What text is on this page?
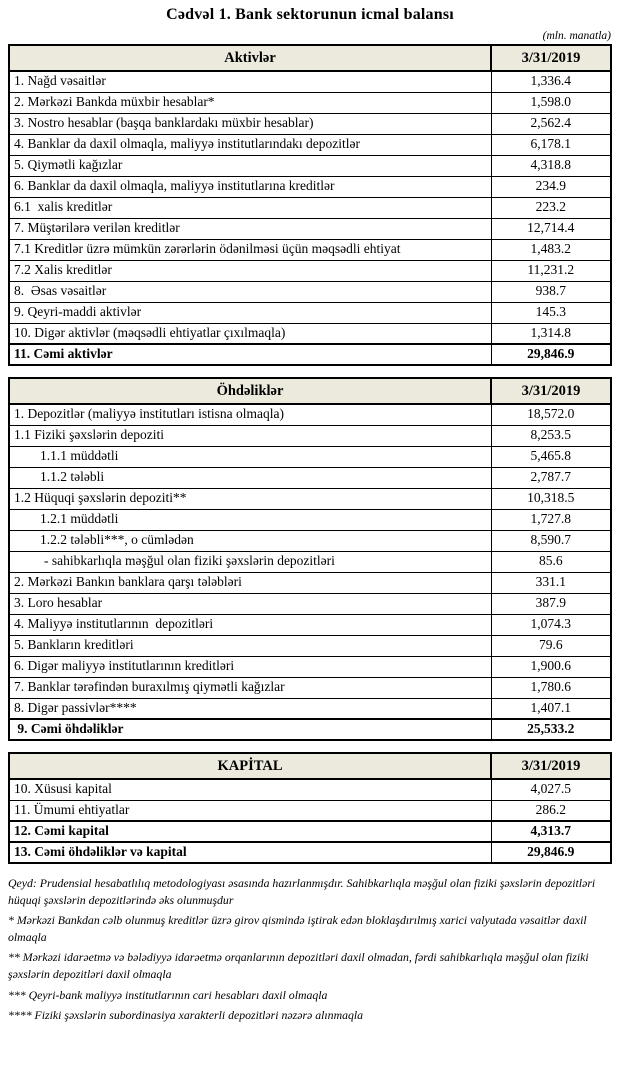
Cədvəl 1. Bank sektorunun icmal balansı
(mln. manatla)
Aktivlər	3/31/2019
1. Nağd vəsaitlər	1,336.4
2. Mərkəzi Bankda müxbir hesablar*	1,598.0
3. Nostro hesablar (başqa banklardakı müxbir hesablar)	2,562.4
4. Banklar da daxil olmaqla, maliyyə institutlarındakı depozitlər	6,178.1
5. Qiymətli kağızlar	4,318.8
6. Banklar da daxil olmaqla, maliyyə institutlarına kreditlər	234.9
6.1  xalis kreditlər	223.2
7. Müştərilərə verilən kreditlər	12,714.4
7.1 Kreditlər üzrə mümkün zərərlərin ödənilməsi üçün məqsədli ehtiyat	1,483.2
7.2 Xalis kreditlər	11,231.2
8.  Əsas vəsaitlər	938.7
9. Qeyri-maddi aktivlər	145.3
10. Digər aktivlər (məqsədli ehtiyatlar çıxılmaqla)	1,314.8
11. Cəmi aktivlər	29,846.9
Öhdəliklər	3/31/2019
1. Depozitlər (maliyyə institutları istisna olmaqla)	18,572.0
1.1 Fiziki şəxslərin depoziti	8,253.5
1.1.1 müddətli	5,465.8
1.1.2 tələbli	2,787.7
1.2 Hüquqi şəxslərin depoziti**	10,318.5
1.2.1 müddətli	1,727.8
1.2.2 tələbli***, o cümlədən	8,590.7
- sahibkarlıqla məşğul olan fiziki şəxslərin depozitləri	85.6
2. Mərkəzi Bankın banklara qarşı tələbləri	331.1
3. Loro hesablar	387.9
4. Maliyyə institutlarının  depozitləri	1,074.3
5. Bankların kreditləri	79.6
6. Digər maliyyə institutlarının kreditləri	1,900.6
7. Banklar tərəfindən buraxılmış qiymətli kağızlar	1,780.6
8. Digər passivlər****	1,407.1
9. Cəmi öhdəliklər	25,533.2
KAPİTAL	3/31/2019
10. Xüsusi kapital	4,027.5
11. Ümumi ehtiyatlar	286.2
12. Cəmi kapital	4,313.7
13. Cəmi öhdəliklər və kapital	29,846.9

Qeyd: Prudensial hesabatlılıq metodologiyası əsasında hazırlanmışdır. Sahibkarlıqla məşğul olan fiziki şəxslərin depozitləri hüquqi şəxslərin depozitlərində əks olunmuşdur

* Mərkəzi Bankdan cəlb olunmuş kreditlər üzrə girov qismində iştirak edən bloklaşdırılmış xarici valyutada vəsaitlər daxil olmaqla

** Mərkəzi idarəetmə və bələdiyyə idarəetmə orqanlarının depozitləri daxil olmadan, fərdi sahibkarlıqla məşğul olan fiziki şəxslərin depozitləri daxil olmaqla

*** Qeyri-bank maliyyə institutlarının cari hesabları daxil olmaqla

**** Fiziki şəxslərin subordinasiya xarakterli depozitləri nəzərə alınmaqla
